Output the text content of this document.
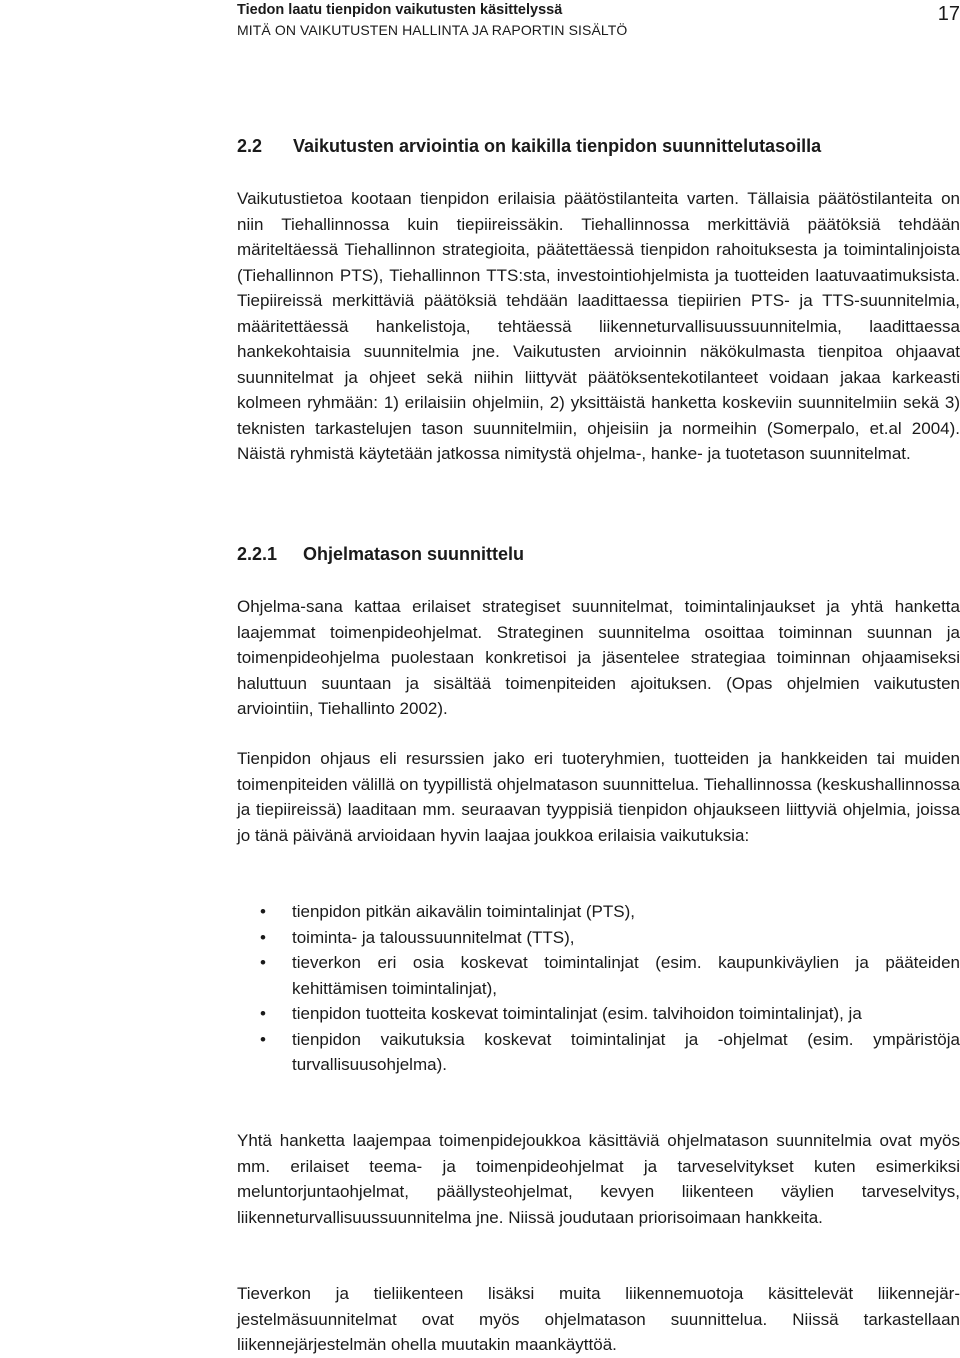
Tiedon laatu tienpidon vaikutusten käsittelyssä
MITÄ ON VAIKUTUSTEN HALLINTA JA RAPORTIN SISÄLTÖ
17
2.2 Vaikutusten arviointia on kaikilla tienpidon suunnittelutasoilla

Vaikutustietoa kootaan tienpidon erilaisia päätöstilanteita varten. Tällaisia päätöstilanteita on niin Tiehallinnossa kuin tiepiireissäkin. Tiehallinnossa merkittäviä päätöksiä tehdään märiteltäessä Tiehallinnon strategioita, päätettäessä tienpidon rahoituksesta ja toimintalinjoista (Tiehallinnon PTS), Tiehallinnon TTS:sta, investointiohjelmista ja tuotteiden laatuvaatimuksista. Tiepiireissä merkittäviä päätöksiä tehdään laadittaessa tiepiirien PTS- ja TTS-suunnitelmia, määritettäessä hankelistoja, tehtäessä liikenneturvallisuussuunnitelmia, laadittaessa hankekohtaisia suunnitelmia jne. Vaikutusten arvioinnin näkökulmasta tienpitoa ohjaavat suunnitelmat ja ohjeet sekä niihin liittyvät päätöksentekotilanteet voidaan jakaa karkeasti kolmeen ryhmään: 1) erilaisiin ohjelmiin, 2) yksittäistä hanketta koskeviin suunnitelmiin sekä 3) teknisten tarkastelujen tason suunnitelmiin, ohjeisiin ja normeihin (Somerpalo, et.al 2004). Näistä ryhmistä käytetään jatkossa nimitystä ohjelma-, hanke- ja tuotetason suunnitelmat.

2.2.1 Ohjelmatason suunnittelu

Ohjelma-sana kattaa erilaiset strategiset suunnitelmat, toimintalinjaukset ja yhtä hanketta laajemmat toimenpideohjelmat. Strateginen suunnitelma osoittaa toiminnan suunnan ja toimenpideohjelma puolestaan konkretisoi ja jäsentelee strategiaa toiminnan ohjaamiseksi haluttuun suuntaan ja sisältää toimenpiteiden ajoituksen. (Opas ohjelmien vaikutusten arviointiin, Tiehallinto 2002).

Tienpidon ohjaus eli resurssien jako eri tuoteryhmien, tuotteiden ja hankkeiden tai muiden toimenpiteiden välillä on tyypillistä ohjelmatason suunnittelua. Tiehallinnossa (keskushallinnossa ja tiepiireissä) laaditaan mm. seuraavan tyyppisiä tienpidon ohjaukseen liittyviä ohjelmia, joissa jo tänä päivänä arvioidaan hyvin laajaa joukkoa erilaisia vaikutuksia:

• tienpidon pitkän aikavälin toimintalinjat (PTS),
• toiminta- ja taloussuunnitelmat (TTS),
• tieverkon eri osia koskevat toimintalinjat (esim. kaupunkiväylien ja pääteiden kehittämisen toimintalinjat),
• tienpidon tuotteita koskevat toimintalinjat (esim. talvihoidon toimintalinjat), ja
• tienpidon vaikutuksia koskevat toimintalinjat ja -ohjelmat (esim. ympäristöja turvallisuusohjelma).

Yhtä hanketta laajempaa toimenpidejoukkoa käsittäviä ohjelmatason suunnitelmia ovat myös mm. erilaiset teema- ja toimenpideohjelmat ja tarveselvitykset kuten esimerkiksi meluntorjuntaohjelmat, päällysteohjelmat, kevyen liikenteen väylien tarveselvitys, liikenneturvallisuussuunnitelma jne. Niissä joudutaan priorisoimaan hankkeita.

Tieverkon ja tieliikenteen lisäksi muita liikennemuotoja käsittelevät liikennejärjestelmäsuunnitelmat ovat myös ohjelmatason suunnittelua. Niissä tarkastellaan liikennejärjestelmän ohella muutakin maankäyttöä.
